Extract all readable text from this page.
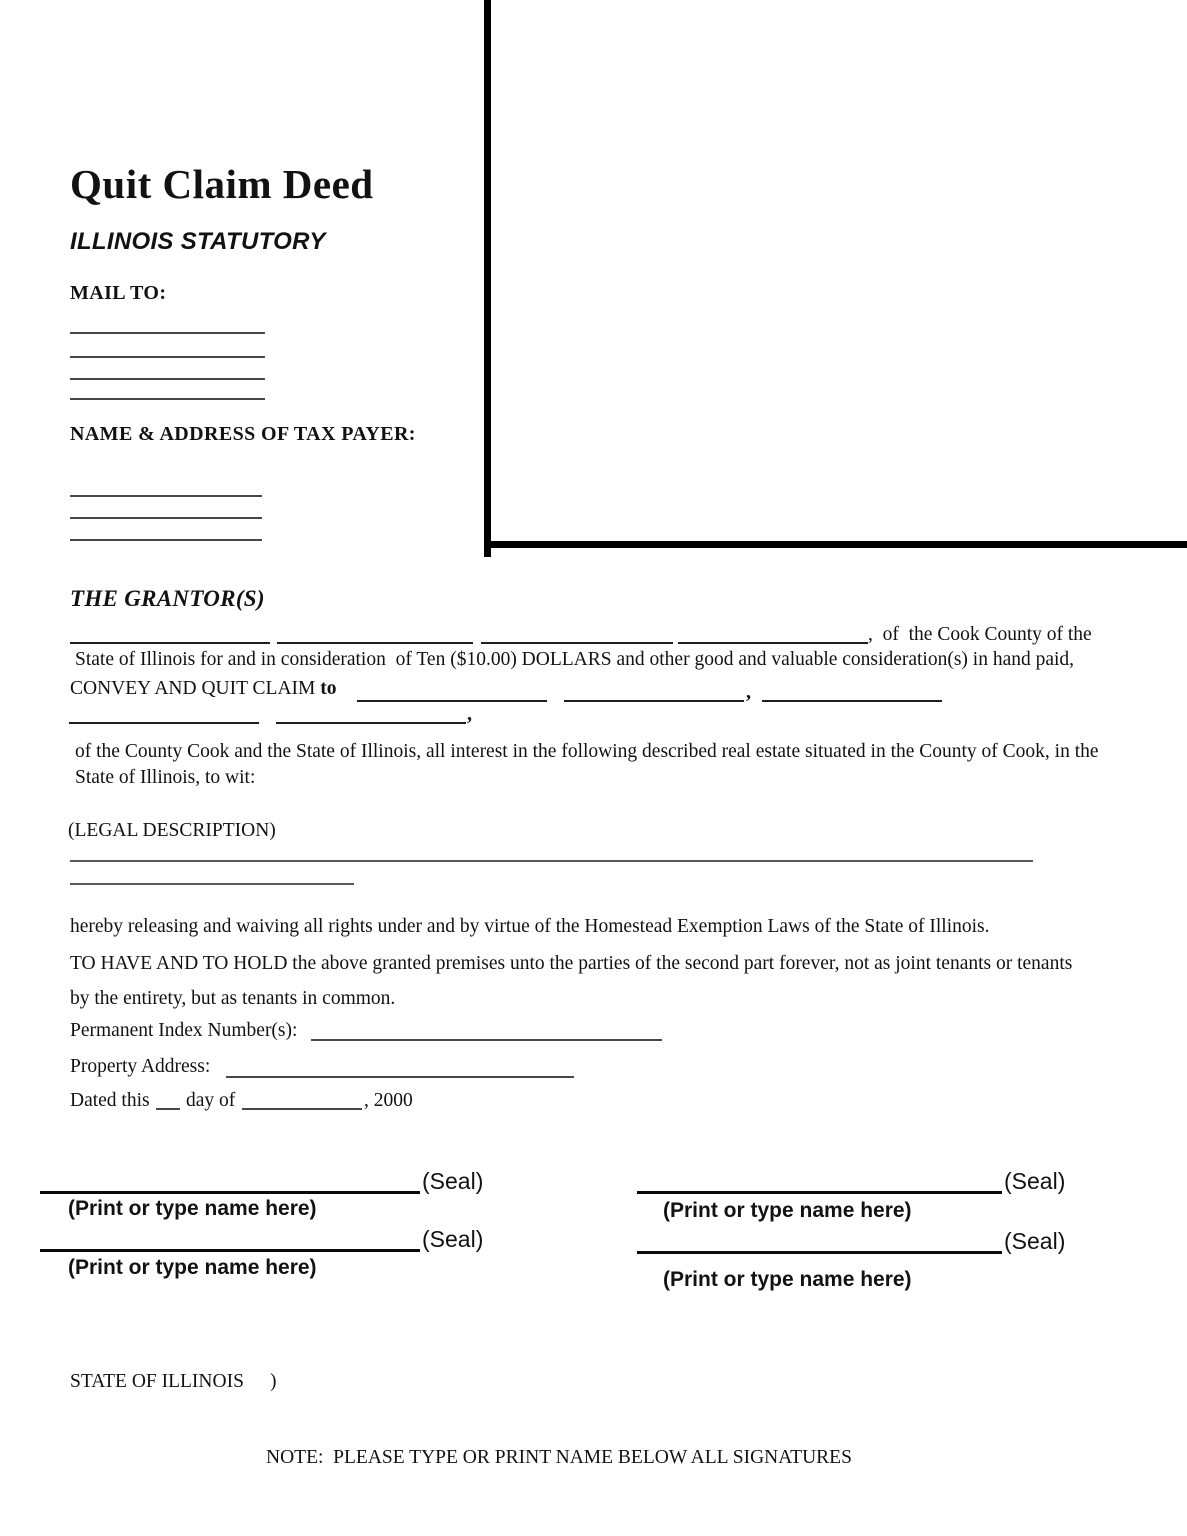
Quit Claim Deed
ILLINOIS STATUTORY
MAIL TO:
NAME & ADDRESS OF TAX PAYER:
THE GRANTOR(S)
,  of  the Cook County of the
State of Illinois for and in consideration  of Ten ($10.00) DOLLARS and other good and valuable consideration(s) in hand paid,
CONVEY AND QUIT CLAIM to	,
,
of the County Cook and the State of Illinois, all interest in the following described real estate situated in the County of Cook, in the
State of Illinois, to wit:
(LEGAL DESCRIPTION)
hereby releasing and waiving all rights under and by virtue of the Homestead Exemption Laws of the State of Illinois.
TO HAVE AND TO HOLD the above granted premises unto the parties of the second part forever, not as joint tenants or tenants
by the entirety, but as tenants in common.
Permanent Index Number(s):
Property Address:
Dated this day of	, 2000
(Seal)
(Print or type name here)
(Seal)
(Print or type name here)
(Seal)
(Print or type name here)
(Seal)
(Print or type name here)
STATE OF ILLINOIS )
NOTE:  PLEASE TYPE OR PRINT NAME BELOW ALL SIGNATURES
